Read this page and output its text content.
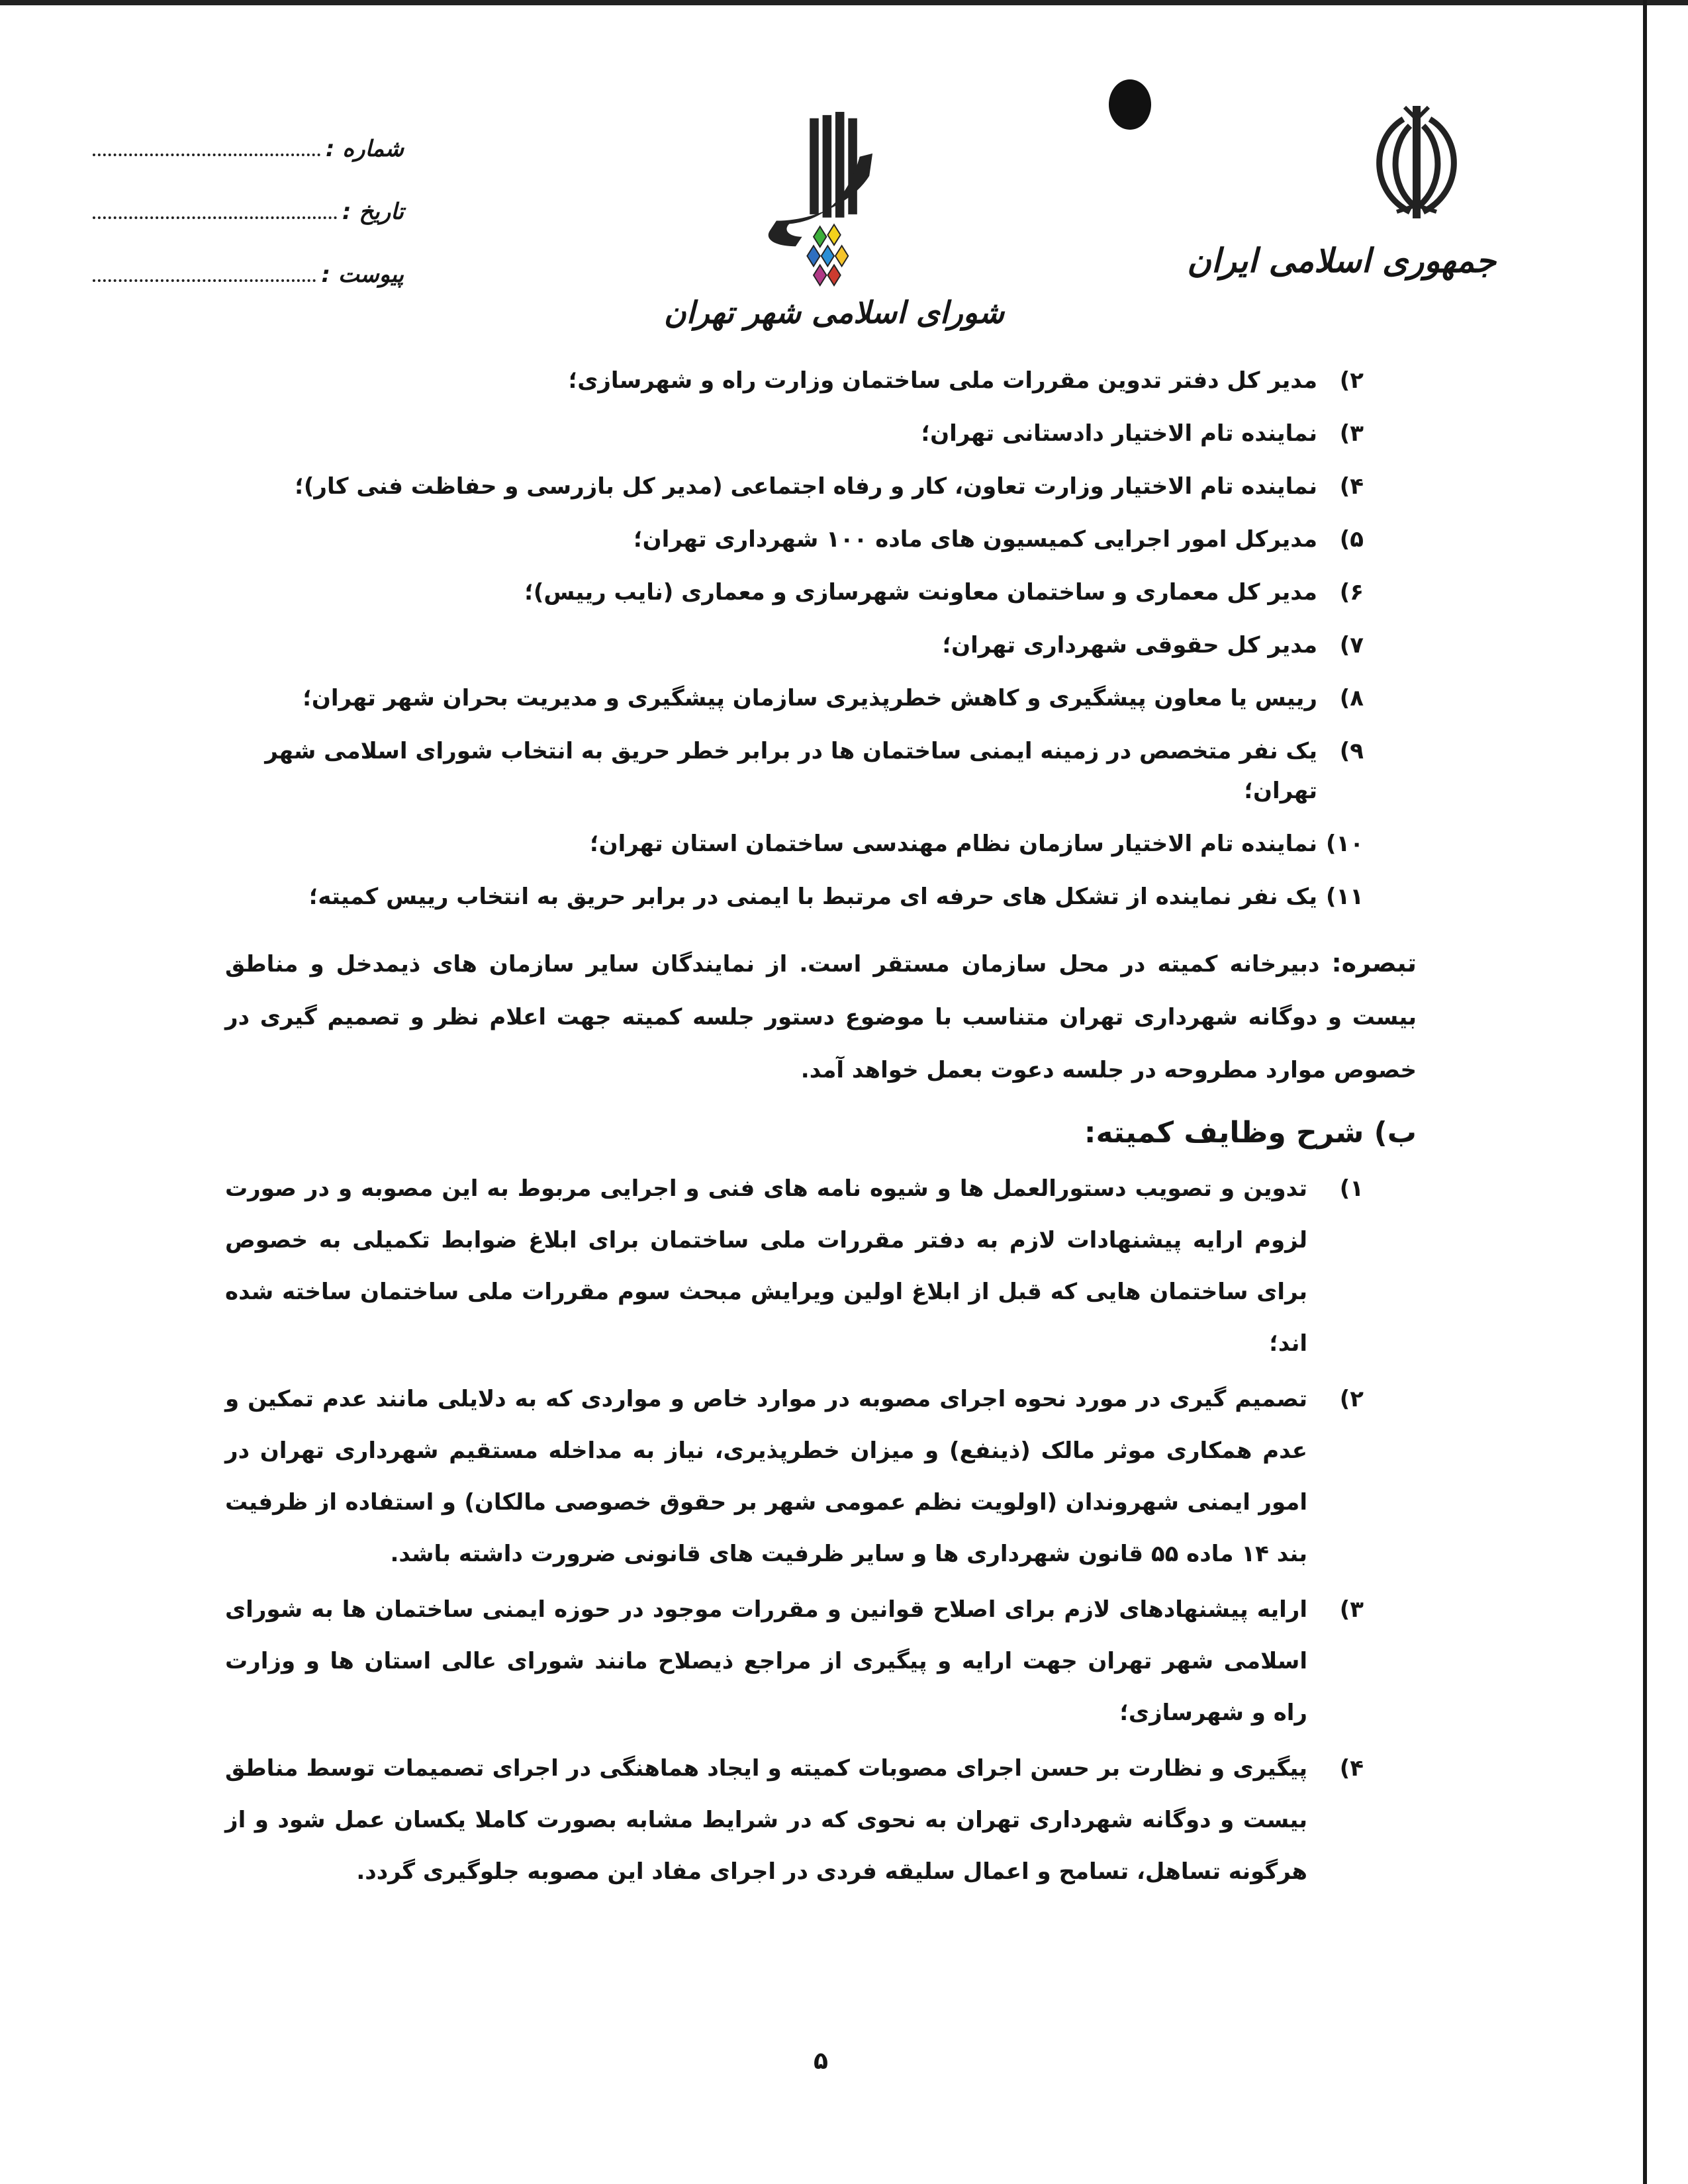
جمهوری اسلامی ایران
شورای اسلامی شهر تهران
شماره :
تاریخ :
پیوست :
۲)
مدیر کل دفتر تدوین مقررات ملی ساختمان وزارت راه و شهرسازی؛
۳)
نماینده تام الاختیار دادستانی تهران؛
۴)
نماینده تام الاختیار وزارت تعاون، کار و رفاه اجتماعی (مدیر کل بازرسی و حفاظت فنی کار)؛
۵)
مدیرکل امور اجرایی کمیسیون های ماده ۱۰۰ شهرداری تهران؛
۶)
مدیر کل معماری و ساختمان معاونت شهرسازی و معماری (نایب رییس)؛
۷)
مدیر کل حقوقی شهرداری تهران؛
۸)
رییس یا معاون پیشگیری و کاهش خطرپذیری سازمان پیشگیری و مدیریت بحران شهر تهران؛
۹)
یک نفر متخصص در زمینه ایمنی ساختمان ها در برابر خطر حریق به انتخاب شورای اسلامی شهر تهران؛
۱۰)
نماینده تام الاختیار سازمان نظام مهندسی ساختمان استان تهران؛
۱۱)
یک نفر نماینده از تشکل های حرفه ای مرتبط با ایمنی در برابر حریق به انتخاب رییس کمیته؛
تبصره: دبیرخانه کمیته در محل سازمان مستقر است. از نمایندگان سایر سازمان های ذیمدخل و مناطق بیست و دوگانه شهرداری تهران متناسب با موضوع دستور جلسه کمیته جهت اعلام نظر و تصمیم گیری در خصوص موارد مطروحه در جلسه دعوت بعمل خواهد آمد.
ب) شرح وظایف کمیته:
۱)
تدوین و تصویب دستورالعمل ها و شیوه نامه های فنی و اجرایی مربوط به این مصوبه و در صورت لزوم ارایه پیشنهادات لازم به دفتر مقررات ملی ساختمان برای ابلاغ ضوابط تکمیلی به خصوص برای ساختمان هایی که قبل از ابلاغ اولین ویرایش مبحث سوم مقررات ملی ساختمان ساخته شده اند؛
۲)
تصمیم گیری در مورد نحوه اجرای مصوبه در موارد خاص و مواردی که به دلایلی مانند عدم تمکین و عدم همکاری موثر مالک (ذینفع) و میزان خطرپذیری، نیاز به مداخله مستقیم شهرداری تهران در امور ایمنی شهروندان (اولویت نظم عمومی شهر بر حقوق خصوصی مالکان) و استفاده از ظرفیت بند ۱۴ ماده ۵۵ قانون شهرداری ها و سایر ظرفیت های قانونی ضرورت داشته باشد.
۳)
ارایه پیشنهادهای لازم برای اصلاح قوانین و مقررات موجود در حوزه ایمنی ساختمان ها به شورای اسلامی شهر تهران جهت ارایه و پیگیری از مراجع ذیصلاح مانند شورای عالی استان ها و وزارت راه و شهرسازی؛
۴)
پیگیری و نظارت بر حسن اجرای مصوبات کمیته و ایجاد هماهنگی در اجرای تصمیمات توسط مناطق بیست و دوگانه شهرداری تهران به نحوی که در شرایط مشابه بصورت کاملا یکسان عمل شود و از هرگونه تساهل، تسامح و اعمال سلیقه فردی در اجرای مفاد این مصوبه جلوگیری گردد.
۵
